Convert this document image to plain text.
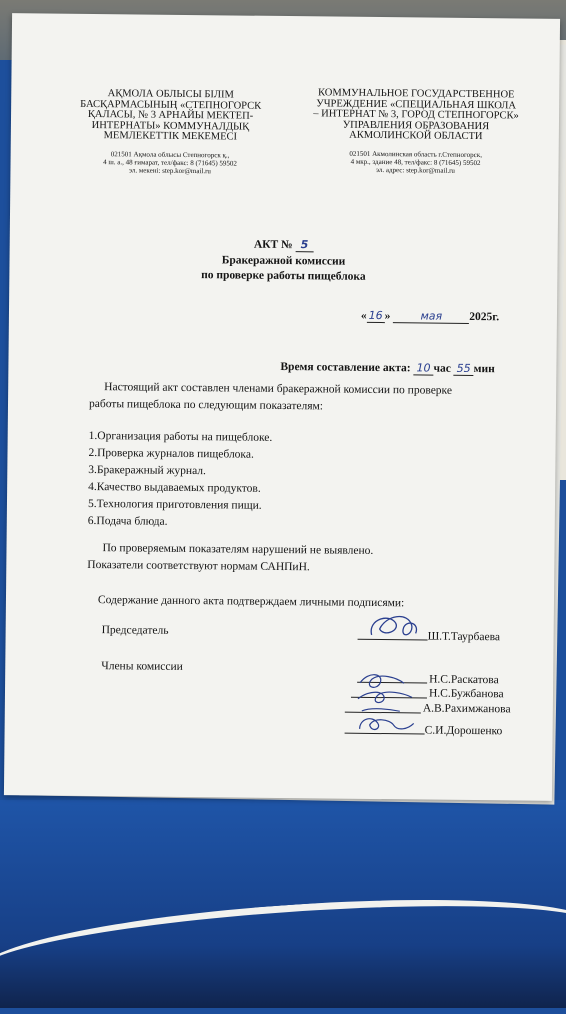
АҚМОЛА ОБЛЫСЫ БІЛІМ
БАСҚАРМАСЫНЫҢ «СТЕПНОГОРСК
ҚАЛАСЫ, № 3 АРНАЙЫ МЕКТЕП-
ИНТЕРНАТЫ» КОММУНАЛДЫҚ
МЕМЛЕКЕТТІК МЕКЕМЕСІ
021501 Ақмола облысы Степногорск қ.,
4 ш. а., 48 ғимарат, тел/факс: 8 (71645) 59502
эл. мекенi: step.kor@mail.ru
КОММУНАЛЬНОЕ ГОСУДАРСТВЕННОЕ
УЧРЕЖДЕНИЕ «СПЕЦИАЛЬНАЯ ШКОЛА
– ИНТЕРНАТ № 3, ГОРОД СТЕПНОГОРСК»
УПРАВЛЕНИЯ ОБРАЗОВАНИЯ
АКМОЛИНСКОЙ ОБЛАСТИ
021501 Акмолинская область г.Степногорск,
4 мкр., здание 48, тел/факс: 8 (71645) 59502
эл. адрес: step.kor@mail.ru
АКТ № 5
Бракеражной комиссии
по проверке работы пищеблока
« 16 »	мая 2025г.
Время составление акта: 10 час 55 мин
Настоящий акт составлен членами бракеражной комиссии по проверке
работы пищеблока по следующим показателям:
1.Организация работы на пищеблоке.
2.Проверка журналов пищеблока.
3.Бракеражный журнал.
4.Качество выдаваемых продуктов.
5.Технология приготовления пищи.
6.Подача блюда.
По проверяемым показателям нарушений не выявлено.
Показатели соответствуют нормам САНПиН.
Содержание данного акта подтверждаем личными подписями:
Председатель
Ш.Т.Таурбаева
Члены комиссии
Н.С.Раскатова
Н.С.Бужбанова
А.В.Рахимжанова
С.И.Дорошенко
